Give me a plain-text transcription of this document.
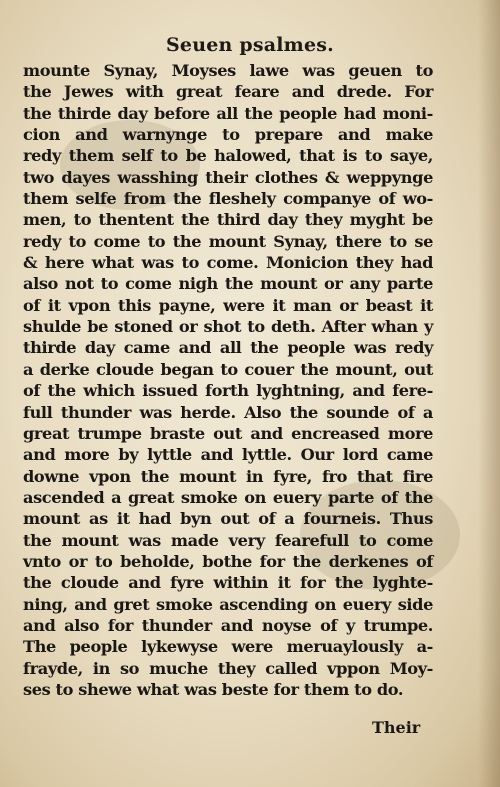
Seuen psalmes.
mounte Synay, Moyses lawe was geuen to
the Jewes with great feare and drede. For
the thirde day before all the people had moni-
cion and warnynge to prepare and make
redy them self to be halowed, that is to saye,
two dayes wasshing their clothes & weppynge
them selfe from the fleshely companye of wo-
men, to thentent the third day they myght be
redy to come to the mount Synay, there to se
& here what was to come. Monicion they had
also not to come nigh the mount or any parte
of it vpon this payne, were it man or beast it
shulde be stoned or shot to deth. After whan y
thirde day came and all the people was redy
a derke cloude began to couer the mount, out
of the which issued forth lyghtning, and fere-
full thunder was herde. Also the sounde of a
great trumpe braste out and encreased more
and more by lyttle and lyttle. Our lord came
downe vpon the mount in fyre, fro that fire
ascended a great smoke on euery parte of the
mount as it had byn out of a fourneis. Thus
the mount was made very fearefull to come
vnto or to beholde, bothe for the derkenes of
the cloude and fyre within it for the lyghte-
ning, and gret smoke ascending on euery side
and also for thunder and noyse of y trumpe.
The people lykewyse were meruaylously a-
frayde, in so muche they called vppon Moy-
ses to shewe what was beste for them to do.
Their
